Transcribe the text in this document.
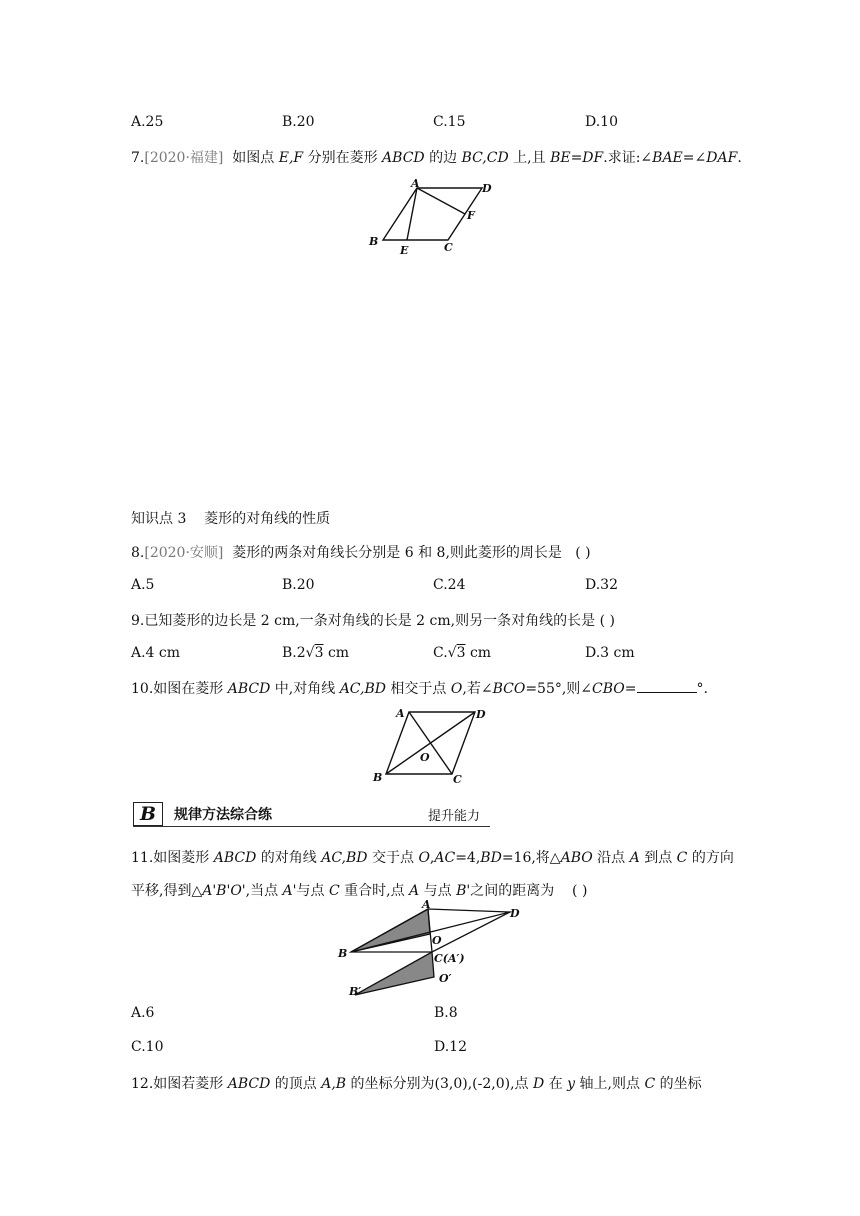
A.25	B.20	C.15	D.10
7.[2020·福建] 如图点 E,F 分别在菱形 ABCD 的边 BC,CD 上,且 BE=DF.求证:∠BAE=∠DAF.
A	D
F
B
E	C
知识点 3 菱形的对角线的性质
8.[2020·安顺] 菱形的两条对角线长分别是 6 和 8,则此菱形的周长是 ( )
A.5	B.20	C.24	D.32
9.已知菱形的边长是 2 cm,一条对角线的长是 2 cm,则另一条对角线的长是 ( )
A.4 cm	B.2√3 cm	C.√3 cm	D.3 cm
10.如图在菱形 ABCD 中,对角线 AC,BD 相交于点 O,若∠BCO=55°,则∠CBO=	°.
A	D
O
B	C
B	规律方法综合练	提升能力
11.如图菱形 ABCD 的对角线 AC,BD 交于点 O,AC=4,BD=16,将△ABO 沿点 A 到点 C 的方向
平移,得到△A'B'O',当点 A'与点 C 重合时,点 A 与点 B'之间的距离为 ( )
A
D
O
B	C(A′)
O′
B′
A.6	B.8
C.10	D.12
12.如图若菱形 ABCD 的顶点 A,B 的坐标分别为(3,0),(-2,0),点 D 在 y 轴上,则点 C 的坐标
